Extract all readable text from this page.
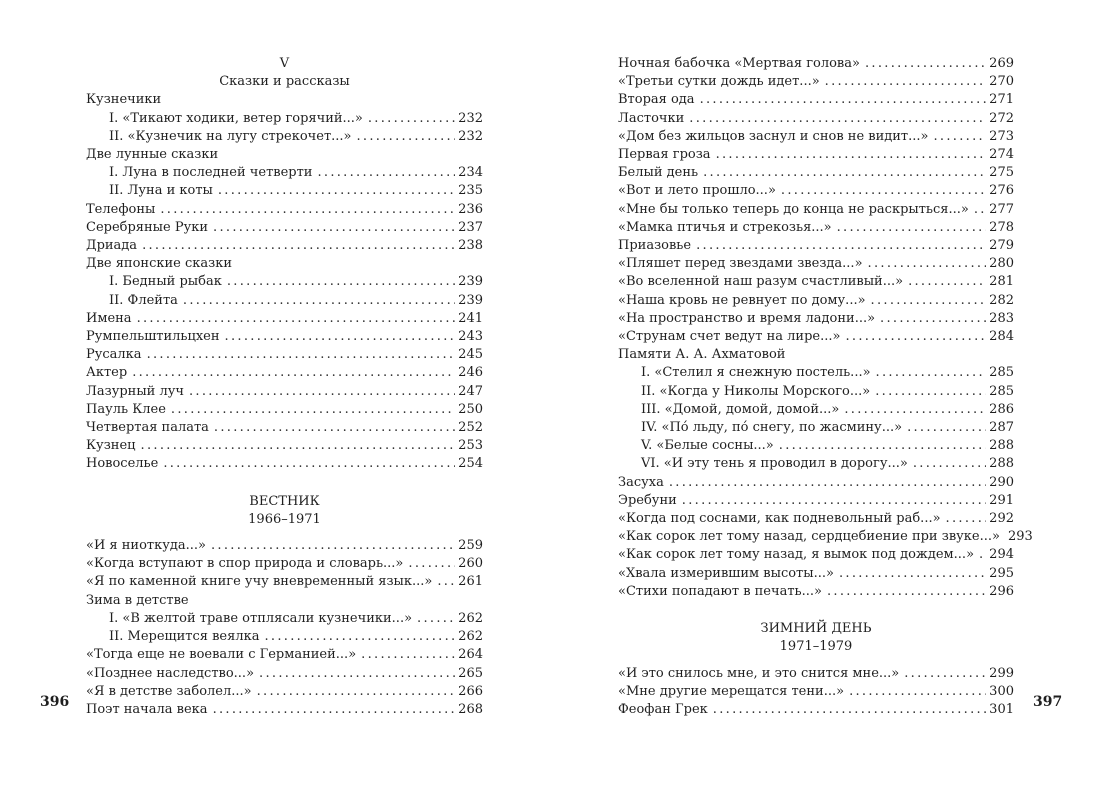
V
Сказки и рассказы
Кузнечики
I. «Тикают ходики, ветер горячий...» .....	232
II. «Кузнечик на лугу стрекочет...» .....	232
Две лунные сказки
I. Луна в последней четверти .....	234
II. Луна и коты .....	235
Телефоны .....	236
Серебряные Руки .....	237
Дриада .....	238
Две японские сказки
I. Бедный рыбак .....	239
II. Флейта .....	239
Имена .....	241
Румпельштильцхен .....	243
Русалка .....	245
Актер .....	246
Лазурный луч .....	247
Пауль Клее .....	250
Четвертая палата .....	252
Кузнец .....	253
Новоселье .....	254
ВЕСТНИК
1966–1971
«И я ниоткуда...» .....	259
«Когда вступают в спор природа и словарь...» .....	260
«Я по каменной книге учу вневременный язык...» ..... 261
Зима в детстве
I. «В желтой траве отплясали кузнечики...» .....	262
II. Мерещится веялка .....	262
«Тогда еще не воевали с Германией...» .....	264
«Позднее наследство...» .....	265
«Я в детстве заболел...» .....	266
Поэт начала века .....	268
396
Ночная бабочка «Мертвая голова» .....	269
«Третьи сутки дождь идет...» .....	270
Вторая ода .....	271
Ласточки .....	272
«Дом без жильцов заснул и снов не видит...» .....	273
Первая гроза .....	274
Белый день .....	275
«Вот и лето прошло...» .....	276
«Мне бы только теперь до конца не раскрыться...» ..... 277
«Мамка птичья и стрекозья...» .....	278
Приазовье .....	279
«Пляшет перед звездами звезда...» .....	280
«Во вселенной наш разум счастливый...» .....	281
«Наша кровь не ревнует по дому...» .....	282
«На пространство и время ладони...» .....	283
«Струнам счет ведут на лире...» .....	284
Памяти А. А. Ахматовой
I. «Стелил я снежную постель...» .....	285
II. «Когда у Николы Морского...» .....	285
III. «Домой, домой, домой...» .....	286
IV. «По́ льду, по́ снегу, по жасмину...» .....	287
V. «Белые сосны...» .....	288
VI. «И эту тень я проводил в дорогу...» .....	288
Засуха .....	290
Эребуни .....	291
«Когда под соснами, как подневольный раб...» .....	292
«Как сорок лет тому назад, сердцебиение при звуке...» 293
«Как сорок лет тому назад, я вымок под дождем...» ..... 294
«Хвала измерившим высоты...» .....	295
«Стихи попадают в печать...» .....	296
ЗИМНИЙ ДЕНЬ
1971–1979
«И это снилось мне, и это снится мне...» .....	299
«Мне другие мерещатся тени...» .....	300
Феофан Грек .....	301 397
